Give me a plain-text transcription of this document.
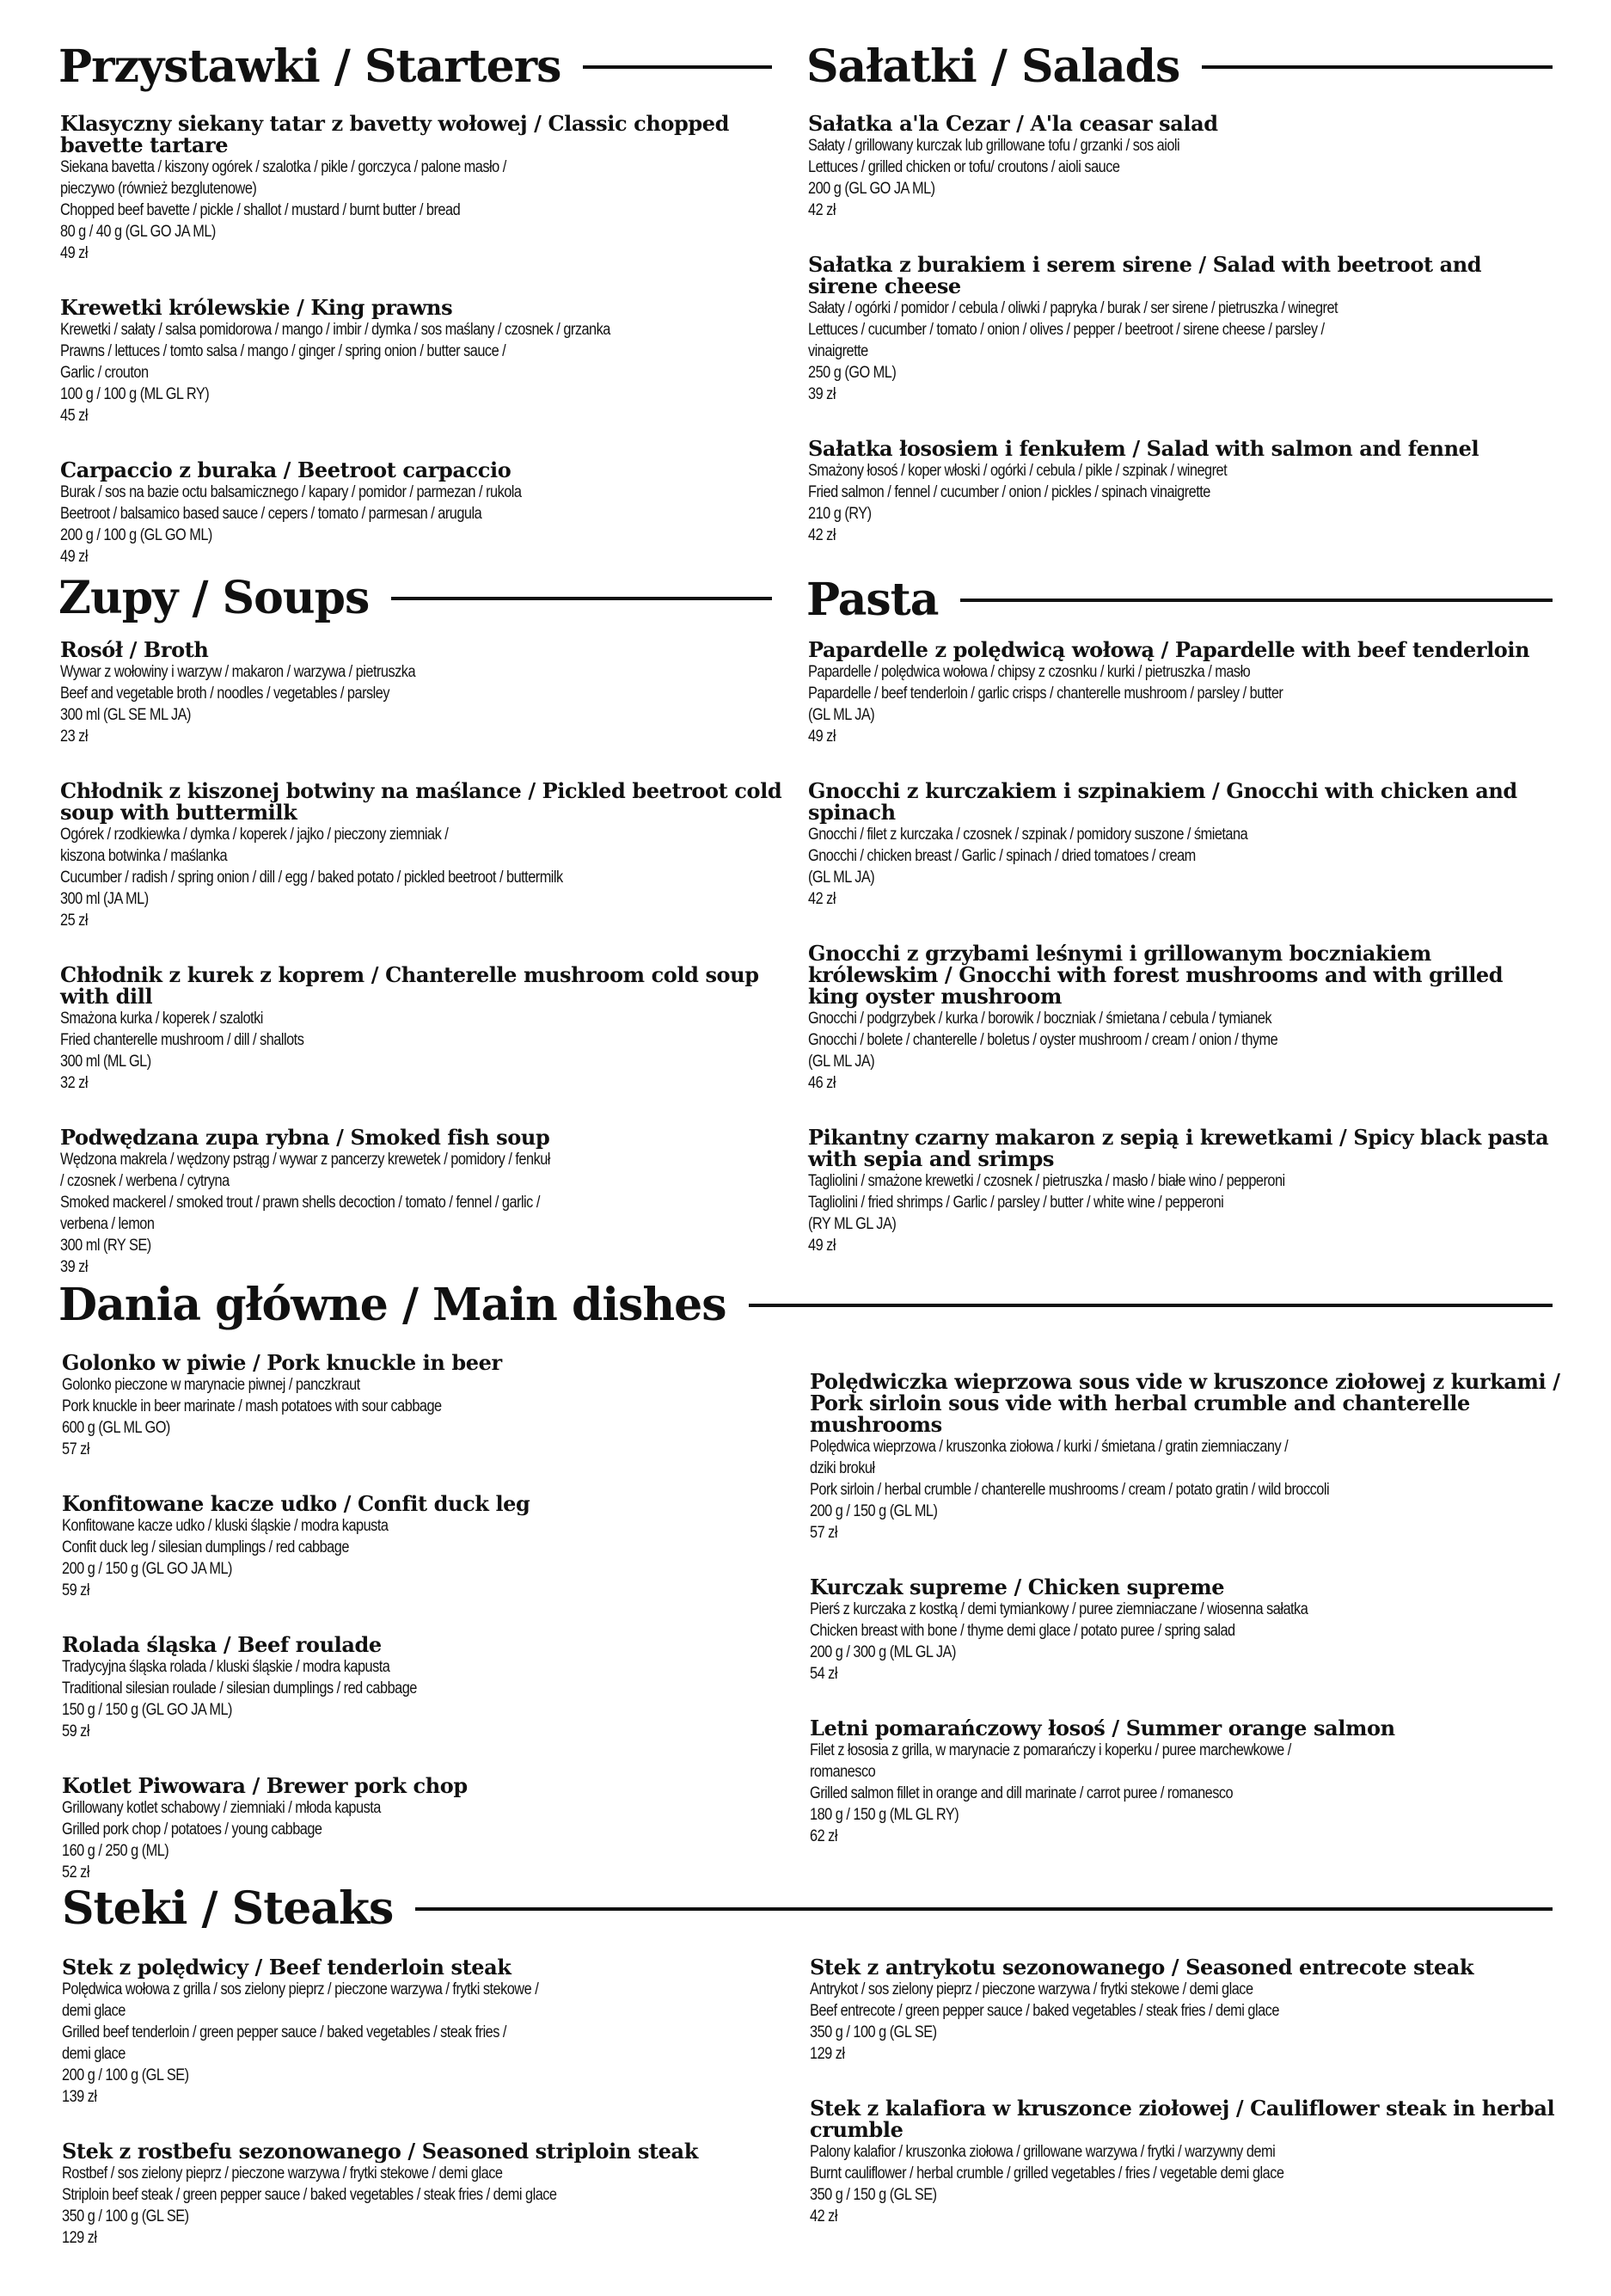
Przystawki / Starters
Klasyczny siekany tatar z bavetty wołowej / Classic chopped bavette tartare
Siekana bavetta / kiszony ogórek / szalotka / pikle / gorczyca / palone masło /
pieczywo (również bezglutenowe)
Chopped beef bavette / pickle / shallot / mustard / burnt butter / bread
80 g / 40 g (GL GO JA ML)
49 zł
Krewetki królewskie / King prawns
Krewetki / sałaty / salsa pomidorowa / mango / imbir / dymka / sos maślany / czosnek / grzanka
Prawns / lettuces / tomto salsa / mango / ginger / spring onion / butter sauce /
Garlic / crouton
100 g / 100 g (ML GL RY)
45 zł
Carpaccio z buraka / Beetroot carpaccio
Burak / sos na bazie octu balsamicznego / kapary / pomidor / parmezan / rukola
Beetroot / balsamico based sauce / cepers / tomato / parmesan / arugula
200 g / 100 g (GL GO ML)
49 zł
Sałatki / Salads
Sałatka a'la Cezar / A'la ceasar salad
Sałaty / grillowany kurczak lub grillowane tofu / grzanki / sos aioli
Lettuces / grilled chicken or tofu/ croutons / aioli sauce
200 g (GL GO JA ML)
42 zł
Sałatka z burakiem i serem sirene / Salad with beetroot and sirene cheese
Sałaty / ogórki / pomidor / cebula / oliwki / papryka / burak / ser sirene / pietruszka / winegret
Lettuces / cucumber / tomato / onion / olives / pepper / beetroot / sirene cheese / parsley /
vinaigrette
250 g (GO ML)
39 zł
Sałatka łososiem i fenkułem / Salad with salmon and fennel
Smażony łosoś / koper włoski / ogórki / cebula / pikle / szpinak / winegret
Fried salmon / fennel / cucumber / onion / pickles / spinach vinaigrette
210 g (RY)
42 zł
Zupy / Soups
Rosół / Broth
Wywar z wołowiny i warzyw / makaron / warzywa / pietruszka
Beef and vegetable broth / noodles / vegetables / parsley
300 ml (GL SE ML JA)
23 zł
Chłodnik z kiszonej botwiny na maślance / Pickled beetroot cold soup with buttermilk
Ogórek / rzodkiewka / dymka / koperek / jajko / pieczony ziemniak /
kiszona botwinka / maślanka
Cucumber / radish / spring onion / dill / egg / baked potato / pickled beetroot / buttermilk
300 ml (JA ML)
25 zł
Chłodnik z kurek z koprem / Chanterelle mushroom cold soup with dill
Smażona kurka / koperek / szalotki
Fried chanterelle mushroom / dill / shallots
300 ml (ML GL)
32 zł
Podwędzana zupa rybna / Smoked fish soup
Wędzona makrela / wędzony pstrąg / wywar z pancerzy krewetek / pomidory / fenkuł
/ czosnek / werbena / cytryna
Smoked mackerel / smoked trout / prawn shells decoction / tomato / fennel / garlic /
verbena / lemon
300 ml (RY SE)
39 zł
Pasta
Papardelle z polędwicą wołową / Papardelle with beef tenderloin
Papardelle / polędwica wołowa / chipsy z czosnku / kurki / pietruszka / masło
Papardelle / beef tenderloin / garlic crisps / chanterelle mushroom / parsley / butter
(GL ML JA)
49 zł
Gnocchi z kurczakiem i szpinakiem / Gnocchi with chicken and spinach
Gnocchi / filet z kurczaka / czosnek / szpinak / pomidory suszone / śmietana
Gnocchi / chicken breast / Garlic / spinach / dried tomatoes / cream
(GL ML JA)
42 zł
Gnocchi z grzybami leśnymi i grillowanym boczniakiem królewskim / Gnocchi with forest mushrooms and with grilled king oyster mushroom
Gnocchi / podgrzybek / kurka / borowik / boczniak / śmietana / cebula / tymianek
Gnocchi / bolete / chanterelle / boletus / oyster mushroom / cream / onion / thyme
(GL ML JA)
46 zł
Pikantny czarny makaron z sepią i krewetkami / Spicy black pasta with sepia and srimps
Tagliolini / smażone krewetki / czosnek / pietruszka / masło / białe wino / pepperoni
Tagliolini / fried shrimps / Garlic / parsley / butter / white wine / pepperoni
(RY ML GL JA)
49 zł
Dania główne / Main dishes
Golonko w piwie / Pork knuckle in beer
Golonko pieczone w marynacie piwnej / panczkraut
Pork knuckle in beer marinate / mash potatoes with sour cabbage
600 g (GL ML GO)
57 zł
Konfitowane kacze udko / Confit duck leg
Konfitowane kacze udko / kluski śląskie / modra kapusta
Confit duck leg / silesian dumplings / red cabbage
200 g / 150 g (GL GO JA ML)
59 zł
Rolada śląska / Beef roulade
Tradycyjna śląska rolada / kluski śląskie / modra kapusta
Traditional silesian roulade / silesian dumplings / red cabbage
150 g / 150 g (GL GO JA ML)
59 zł
Kotlet Piwowara / Brewer pork chop
Grillowany kotlet schabowy / ziemniaki / młoda kapusta
Grilled pork chop / potatoes / young cabbage
160 g / 250 g (ML)
52 zł
Polędwiczka wieprzowa sous vide w kruszonce ziołowej z kurkami / Pork sirloin sous vide with herbal crumble and chanterelle mushrooms
Polędwica wieprzowa / kruszonka ziołowa / kurki / śmietana / gratin ziemniaczany /
dziki brokuł
Pork sirloin / herbal crumble / chanterelle mushrooms / cream / potato gratin / wild broccoli
200 g / 150 g (GL ML)
57 zł
Kurczak supreme / Chicken supreme
Pierś z kurczaka z kostką / demi tymiankowy / puree ziemniaczane / wiosenna sałatka
Chicken breast with bone / thyme demi glace / potato puree / spring salad
200 g / 300 g (ML GL JA)
54 zł
Letni pomarańczowy łosoś / Summer orange salmon
Filet z łososia z grilla, w marynacie z pomarańczy i koperku / puree marchewkowe /
romanesco
Grilled salmon fillet in orange and dill marinate / carrot puree / romanesco
180 g / 150 g (ML GL RY)
62 zł
Steki / Steaks
Stek z polędwicy / Beef tenderloin steak
Polędwica wołowa z grilla / sos zielony pieprz / pieczone warzywa / frytki stekowe /
demi glace
Grilled beef tenderloin / green pepper sauce / baked vegetables / steak fries /
demi glace
200 g / 100 g (GL SE)
139 zł
Stek z rostbefu sezonowanego / Seasoned striploin steak
Rostbef / sos zielony pieprz / pieczone warzywa / frytki stekowe / demi glace
Striploin beef steak / green pepper sauce / baked vegetables / steak fries / demi glace
350 g / 100 g (GL SE)
129 zł
Stek z antrykotu sezonowanego / Seasoned entrecote steak
Antrykot / sos zielony pieprz / pieczone warzywa / frytki stekowe / demi glace
Beef entrecote / green pepper sauce / baked vegetables / steak fries / demi glace
350 g / 100 g (GL SE)
129 zł
Stek z kalafiora w kruszonce ziołowej / Cauliflower steak in herbal crumble
Palony kalafior / kruszonka ziołowa / grillowane warzywa / frytki / warzywny demi
Burnt cauliflower / herbal crumble / grilled vegetables / fries / vegetable demi glace
350 g / 150 g (GL SE)
42 zł
